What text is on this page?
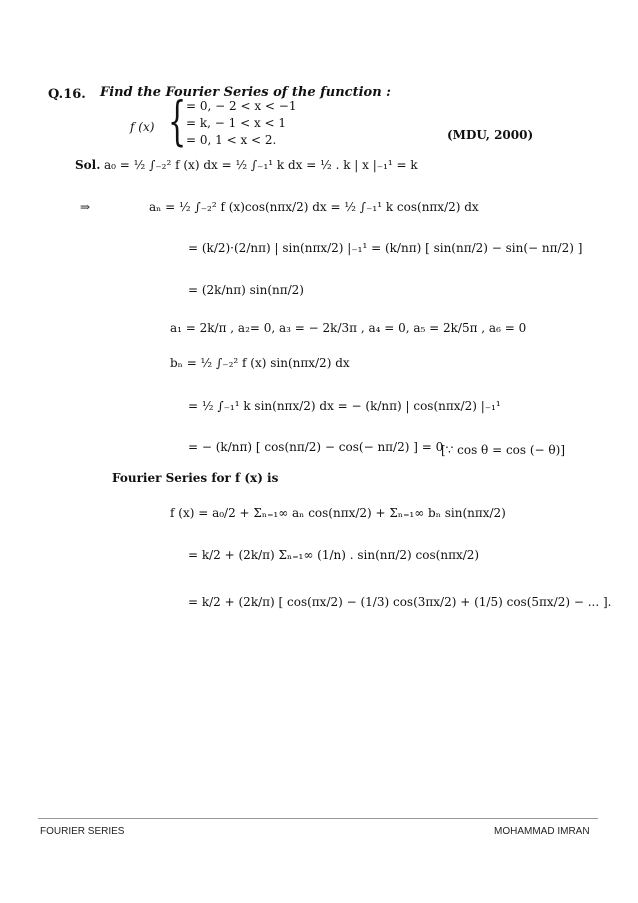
Q.16. Find the Fourier Series of the function :
f (x) { = 0, − 2 < x < −1
= k, − 1 < x < 1
= 0, 1 < x < 2.	(MDU, 2000)
Sol. a₀ = ½ ∫₋₂² f (x) dx = ½ ∫₋₁¹ k dx = ½ . k | x |₋₁¹ = k
⇒	aₙ = ½ ∫₋₂² f (x)cos(nπx/2) dx = ½ ∫₋₁¹ k cos(nπx/2) dx
= (k/2)·(2/nπ) | sin(nπx/2) |₋₁¹ = (k/nπ) [ sin(nπ/2) − sin(− nπ/2) ]
= (2k/nπ) sin(nπ/2)
a₁ = 2k/π , a₂= 0, a₃ = − 2k/3π , a₄ = 0, a₅ = 2k/5π , a₆ = 0
bₙ = ½ ∫₋₂² f (x) sin(nπx/2) dx
= ½ ∫₋₁¹ k sin(nπx/2) dx = − (k/nπ) | cos(nπx/2) |₋₁¹
= − (k/nπ) [ cos(nπ/2) − cos(− nπ/2) ] = 0
[∵ cos θ = cos (− θ)]
Fourier Series for f (x) is
f (x) = a₀/2 + Σₙ₌₁∞ aₙ cos(nπx/2) + Σₙ₌₁∞ bₙ sin(nπx/2)
= k/2 + (2k/π) Σₙ₌₁∞ (1/n) . sin(nπ/2) cos(nπx/2)
= k/2 + (2k/π) [ cos(πx/2) − (1/3) cos(3πx/2) + (1/5) cos(5πx/2) − ... ].
FOURIER SERIES	MOHAMMAD IMRAN
